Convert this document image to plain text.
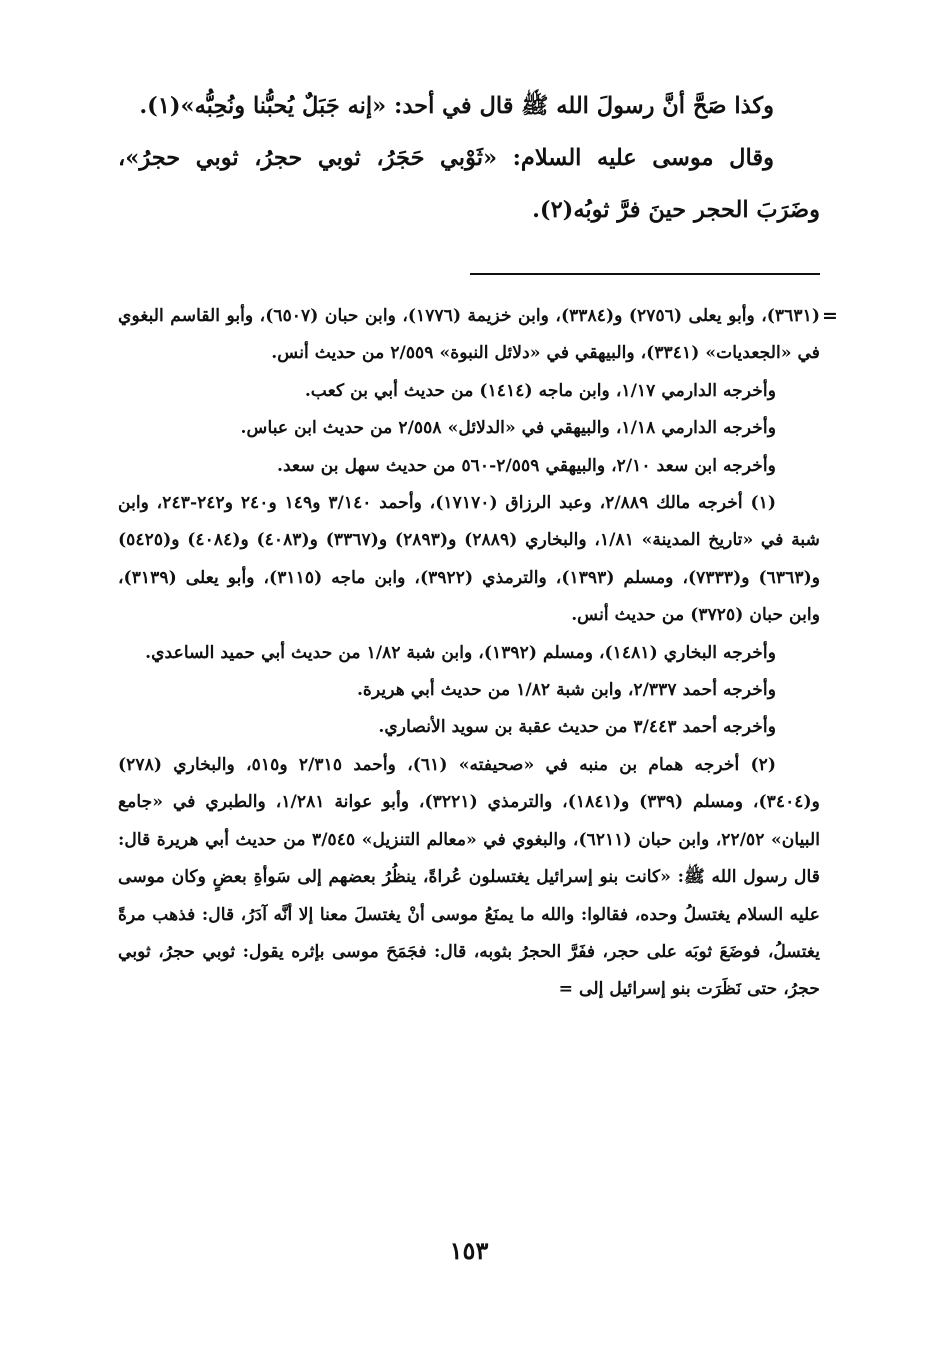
وكذا صَحَّ أنَّ رسولَ الله ﷺ قال في أحد: «إنه جَبَلٌ يُحبُّنا ونُحِبُّه»(١).

وقال موسى عليه السلام: «ثَوْبي حَجَرُ، ثوبي حجرُ، ثوبي حجرُ»، وضَرَبَ الحجر حينَ فرَّ ثوبُه(٢).

=

(٣٦٣١)، وأبو يعلى (٢٧٥٦) و(٣٣٨٤)، وابن خزيمة (١٧٧٦)، وابن حبان (٦٥٠٧)، وأبو القاسم البغوي في «الجعديات» (٣٣٤١)، والبيهقي في «دلائل النبوة» ٢/٥٥٩ من حديث أنس.

وأخرجه الدارمي ١/١٧، وابن ماجه (١٤١٤) من حديث أبي بن كعب.

وأخرجه الدارمي ١/١٨، والبيهقي في «الدلائل» ٢/٥٥٨ من حديث ابن عباس.

وأخرجه ابن سعد ٢/١٠، والبيهقي ٢/٥٥٩-٥٦٠ من حديث سهل بن سعد.

(١) أخرجه مالك ٢/٨٨٩، وعبد الرزاق (١٧١٧٠)، وأحمد ٣/١٤٠ و١٤٩ و٢٤٠ و٢٤٢-٢٤٣، وابن شبة في «تاريخ المدينة» ١/٨١، والبخاري (٢٨٨٩) و(٢٨٩٣) و(٣٣٦٧) و(٤٠٨٣) و(٤٠٨٤) و(٥٤٢٥) و(٦٣٦٣) و(٧٣٣٣)، ومسلم (١٣٩٣)، والترمذي (٣٩٢٢)، وابن ماجه (٣١١٥)، وأبو يعلى (٣١٣٩)، وابن حبان (٣٧٢٥) من حديث أنس.

وأخرجه البخاري (١٤٨١)، ومسلم (١٣٩٢)، وابن شبة ١/٨٢ من حديث أبي حميد الساعدي.

وأخرجه أحمد ٢/٣٣٧، وابن شبة ١/٨٢ من حديث أبي هريرة.

وأخرجه أحمد ٣/٤٤٣ من حديث عقبة بن سويد الأنصاري.

(٢) أخرجه همام بن منبه في «صحيفته» (٦١)، وأحمد ٢/٣١٥ و٥١٥، والبخاري (٢٧٨) و(٣٤٠٤)، ومسلم (٣٣٩) و(١٨٤١)، والترمذي (٣٢٢١)، وأبو عوانة ١/٢٨١، والطبري في «جامع البيان» ٢٢/٥٢، وابن حبان (٦٢١١)، والبغوي في «معالم التنزيل» ٣/٥٤٥ من حديث أبي هريرة قال: قال رسول الله ﷺ: «كانت بنو إسرائيل يغتسلون عُراةً، ينظُرُ بعضهم إلى سَوأةِ بعضٍ وكان موسى عليه السلام يغتسلُ وحده، فقالوا: والله ما يمنَعُ موسى أنْ يغتسلَ معنا إلا أنَّه آدَرُ، قال: فذهب مرةً يغتسلُ، فوضَعَ ثوبَه على حجر، ففَرَّ الحجرُ بثوبه، قال: فجَمَحَ موسى بإثره يقول: ثوبي حجرُ، ثوبي حجرُ، حتى نَظَرَت بنو إسرائيل إلى =

١٥٣
